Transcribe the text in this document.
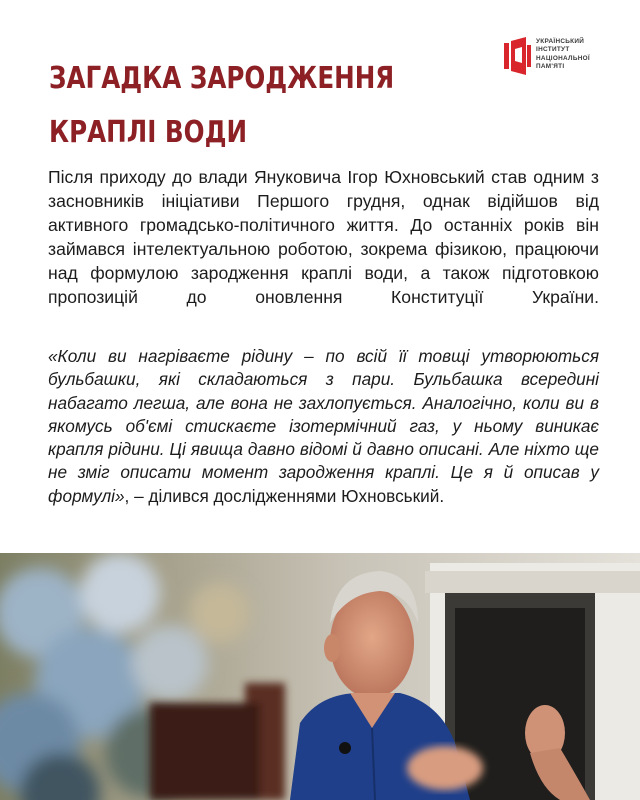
ЗАГАДКА ЗАРОДЖЕННЯ
КРАПЛІ ВОДИ
УКРАЇНСЬКИЙ
ІНСТИТУТ
НАЦІОНАЛЬНОЇ
ПАМ'ЯТІ
Після приходу до влади Януковича Ігор Юхновський став одним з засновників ініціативи Першого грудня, однак відійшов від активного громадсько-політичного життя. До останніх років він займався інтелектуальною роботою, зокрема фізикою, працюючи над формулою зародження краплі води, а також підготовкою пропозицій до оновлення Конституції України.
«Коли ви нагріваєте рідину – по всій її товщі утворюються бульбашки, які складаються з пари. Бульбашка всередині набагато легша, але вона не захлопується. Аналогічно, коли ви в якомусь об'ємі стискаєте ізотермічний газ, у ньому виникає крапля рідини. Ці явища давно відомі й давно описані. Але ніхто ще не зміг описати момент зародження краплі. Це я й описав у формулі», – ділився дослідженнями Юхновський.
